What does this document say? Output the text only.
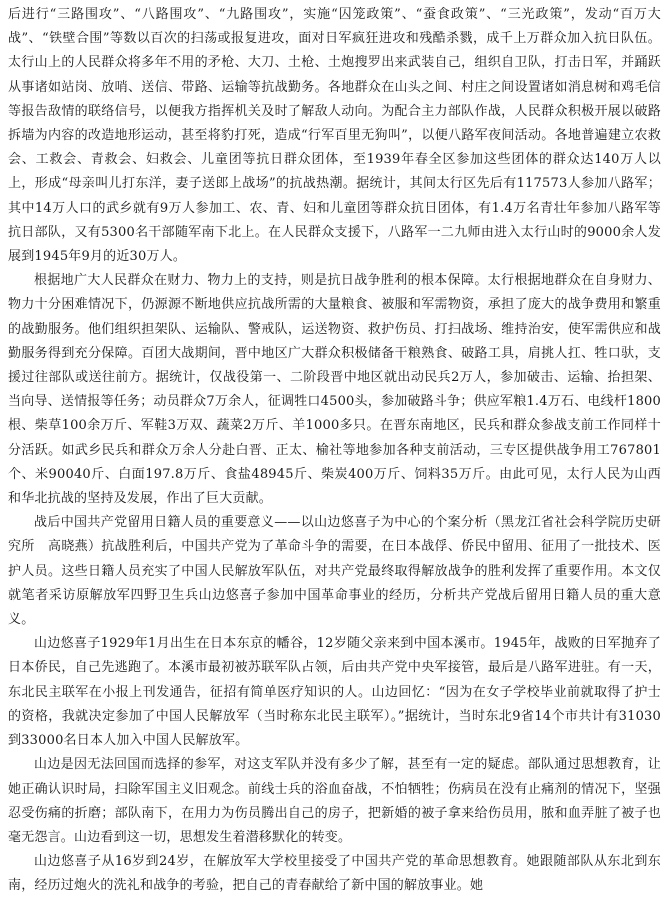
后进行“三路围攻”、“八路围攻”、“九路围攻”，实施“囚笼政策”、“蚕食政策”、“三光政策”，发动“百万大战”、“铁壁合围”等数以百次的扫荡或报复进攻，面对日军疯狂进攻和残酷杀戮，成千上万群众加入抗日队伍。太行山上的人民群众将多年不用的矛枪、大刀、土枪、土炮搜罗出来武装自己，组织自卫队，打击日军，并踊跃从事诸如站岗、放哨、送信、带路、运输等抗战勤务。各地群众在山头之间、村庄之间设置诸如消息树和鸡毛信等报告敌情的联络信号，以便我方指挥机关及时了解敌人动向。为配合主力部队作战，人民群众积极开展以破路拆墙为内容的改造地形运动，甚至将豹打死，造成“行军百里无狗叫”，以便八路军夜间活动。各地普遍建立农救会、工救会、青救会、妇救会、儿童团等抗日群众团体，至1939年春全区参加这些团体的群众达140万人以上，形成“母亲叫儿打东洋，妻子送郎上战场”的抗战热潮。据统计，其间太行区先后有117573人参加八路军；其中14万人口的武乡就有9万人参加工、农、青、妇和儿童团等群众抗日团体，有1.4万名青壮年参加八路军等抗日部队，又有5300名干部随军南下北上。在人民群众支援下，八路军一二九师由进入太行山时的9000余人发展到1945年9月的近30万人。

根据地广大人民群众在财力、物力上的支持，则是抗日战争胜利的根本保障。太行根据地群众在自身财力、物力十分困难情况下，仍源源不断地供应抗战所需的大量粮食、被服和军需物资，承担了庞大的战争费用和繁重的战勤服务。他们组织担架队、运输队、警戒队，运送物资、救护伤员、打扫战场、维持治安，使军需供应和战勤服务得到充分保障。百团大战期间，晋中地区广大群众积极储备干粮熟食、破路工具，肩挑人扛、牲口驮，支援过往部队或送往前方。据统计，仅战役第一、二阶段晋中地区就出动民兵2万人，参加破击、运输、抬担架、当向导、送情报等任务；动员群众7万余人，征调牲口4500头，参加破路斗争；供应军粮1.4万石、电线杆1800根、柴草100余万斤、军鞋3万双、蔬菜2万斤、羊1000多只。在晋东南地区，民兵和群众参战支前工作同样十分活跃。如武乡民兵和群众万余人分赴白晋、正太、榆社等地参加各种支前活动，三专区提供战争用工767801个、米90040斤、白面197.8万斤、食盐48945斤、柴炭400万斤、饲料35万斤。由此可见，太行人民为山西和华北抗战的坚持及发展，作出了巨大贡献。

战后中国共产党留用日籍人员的重要意义——以山边悠喜子为中心的个案分析（黑龙江省社会科学院历史研究所　高晓燕）抗战胜利后，中国共产党为了革命斗争的需要，在日本战俘、侨民中留用、征用了一批技术、医护人员。这些日籍人员充实了中国人民解放军队伍，对共产党最终取得解放战争的胜利发挥了重要作用。本文仅就笔者采访原解放军四野卫生兵山边悠喜子参加中国革命事业的经历，分析共产党战后留用日籍人员的重大意义。

山边悠喜子1929年1月出生在日本东京的幡谷，12岁随父亲来到中国本溪市。1945年，战败的日军抛弃了日本侨民，自己先逃跑了。本溪市最初被苏联军队占领，后由共产党中央军接管，最后是八路军进驻。有一天，东北民主联军在小报上刊发通告，征招有简单医疗知识的人。山边回忆：“因为在女子学校毕业前就取得了护士的资格，我就决定参加了中国人民解放军（当时称东北民主联军）。”据统计，当时东北9省14个市共计有31030到33000名日本人加入中国人民解放军。

山边是因无法回国而选择的参军，对这支军队并没有多少了解，甚至有一定的疑虑。部队通过思想教育，让她正确认识时局，扫除军国主义旧观念。前线士兵的浴血奋战，不怕牺牲；伤病员在没有止痛剂的情况下，坚强忍受伤痛的折磨；部队南下，在用力为伤员腾出自己的房子，把新婚的被子拿来给伤员用，脓和血弄脏了被子也毫无怨言。山边看到这一切，思想发生着潜移默化的转变。

山边悠喜子从16岁到24岁，在解放军大学校里接受了中国共产党的革命思想教育。她跟随部队从东北到东南，经历过炮火的洗礼和战争的考验，把自己的青春献给了新中国的解放事业。她
